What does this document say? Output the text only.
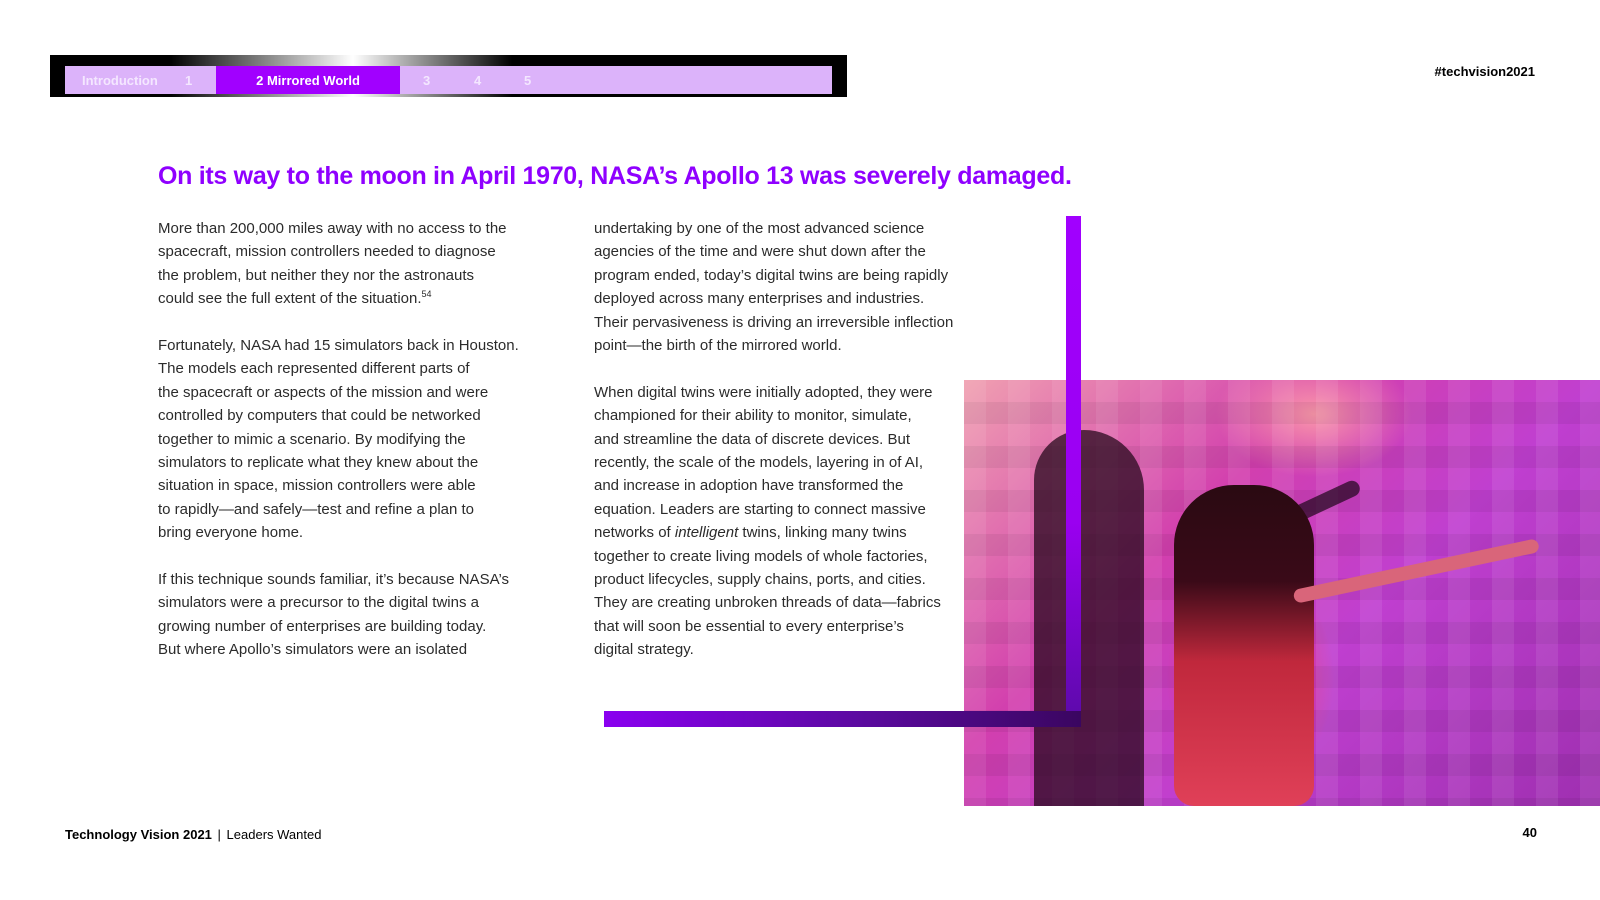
Introduction	1	2 Mirrored World	3	4	5
#techvision2021
On its way to the moon in April 1970, NASA’s Apollo 13 was severely damaged.

More than 200,000 miles away with no access to the
spacecraft, mission controllers needed to diagnose
the problem, but neither they nor the astronauts
could see the full extent of the situation.$^{54}$

Fortunately, NASA had 15 simulators back in Houston.
The models each represented different parts of
the spacecraft or aspects of the mission and were
controlled by computers that could be networked
together to mimic a scenario. By modifying the
simulators to replicate what they knew about the
situation in space, mission controllers were able
to rapidly—and safely—test and refine a plan to
bring everyone home.

If this technique sounds familiar, it’s because NASA’s
simulators were a precursor to the digital twins a
growing number of enterprises are building today.
But where Apollo’s simulators were an isolated

undertaking by one of the most advanced science
agencies of the time and were shut down after the
program ended, today’s digital twins are being rapidly
deployed across many enterprises and industries.
Their pervasiveness is driving an irreversible inflection
point—the birth of the mirrored world.

When digital twins were initially adopted, they were
championed for their ability to monitor, simulate,
and streamline the data of discrete devices. But
recently, the scale of the models, layering in of AI,
and increase in adoption have transformed the
equation. Leaders are starting to connect massive
networks of intelligent twins, linking many twins
together to create living models of whole factories,
product lifecycles, supply chains, ports, and cities.
They are creating unbroken threads of data—fabrics
that will soon be essential to every enterprise’s
digital strategy.

Technology Vision 2021 | Leaders Wanted	40
